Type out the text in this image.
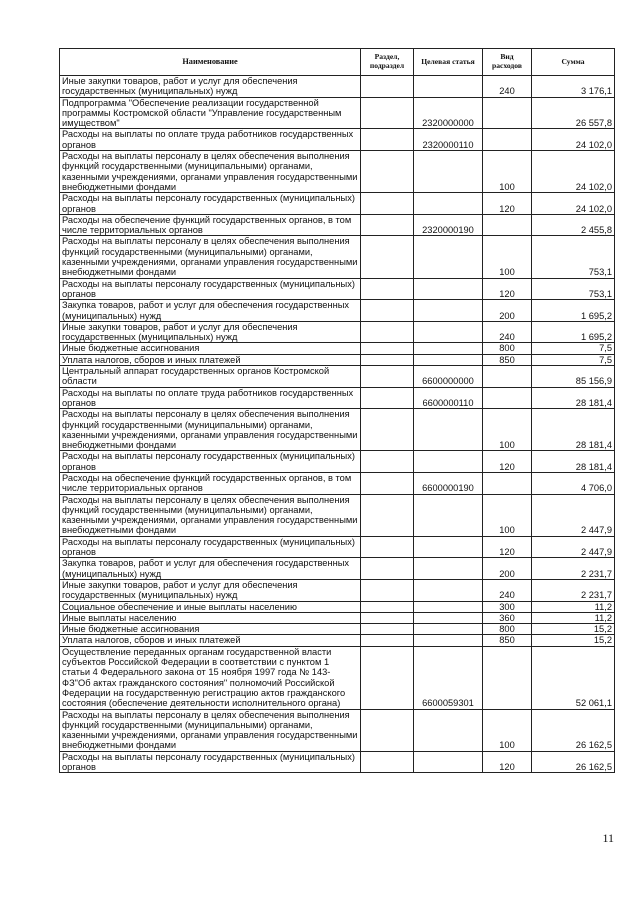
Наименование	Раздел, подраздел	Целевая статья	Вид расходов	Сумма
Иные закупки товаров, работ и услуг для обеспечения государственных (муниципальных) нужд			240	3 176,1
Подпрограмма "Обеспечение реализации государственной программы Костромской области "Управление государственным имуществом"		2320000000		26 557,8
Расходы на выплаты по оплате труда работников государственных органов		2320000110		24 102,0
Расходы на выплаты персоналу в целях обеспечения выполнения функций государственными (муниципальными) органами, казенными учреждениями, органами управления государственными внебюджетными фондами			100	24 102,0
Расходы на выплаты персоналу государственных (муниципальных) органов			120	24 102,0
Расходы на обеспечение функций государственных органов, в том числе территориальных органов		2320000190		2 455,8
Расходы на выплаты персоналу в целях обеспечения выполнения функций государственными (муниципальными) органами, казенными учреждениями, органами управления государственными внебюджетными фондами			100	753,1
Расходы на выплаты персоналу государственных (муниципальных) органов			120	753,1
Закупка товаров, работ и услуг для обеспечения государственных (муниципальных) нужд			200	1 695,2
Иные закупки товаров, работ и услуг для обеспечения государственных (муниципальных) нужд			240	1 695,2
Иные бюджетные ассигнования			800	7,5
Уплата налогов, сборов и иных платежей			850	7,5
Центральный аппарат государственных органов Костромской области		6600000000		85 156,9
Расходы на выплаты по оплате труда работников государственных органов		6600000110		28 181,4
Расходы на выплаты персоналу в целях обеспечения выполнения функций государственными (муниципальными) органами, казенными учреждениями, органами управления государственными внебюджетными фондами			100	28 181,4
Расходы на выплаты персоналу государственных (муниципальных) органов			120	28 181,4
Расходы на обеспечение функций государственных органов, в том числе территориальных органов		6600000190		4 706,0
Расходы на выплаты персоналу в целях обеспечения выполнения функций государственными (муниципальными) органами, казенными учреждениями, органами управления государственными внебюджетными фондами			100	2 447,9
Расходы на выплаты персоналу государственных (муниципальных) органов			120	2 447,9
Закупка товаров, работ и услуг для обеспечения государственных (муниципальных) нужд			200	2 231,7
Иные закупки товаров, работ и услуг для обеспечения государственных (муниципальных) нужд			240	2 231,7
Социальное обеспечение и иные выплаты населению			300	11,2
Иные выплаты населению			360	11,2
Иные бюджетные ассигнования			800	15,2
Уплата налогов, сборов и иных платежей			850	15,2
Осуществление переданных органам государственной власти субъектов Российской Федерации в соответствии с пунктом 1 статьи 4 Федерального закона от 15 ноября 1997 года № 143-ФЗ"Об актах гражданского состояния" полномочий Российской Федерации на государственную регистрацию актов гражданского состояния (обеспечение деятельности исполнительного органа)		6600059301		52 061,1
Расходы на выплаты персоналу в целях обеспечения выполнения функций государственными (муниципальными) органами, казенными учреждениями, органами управления государственными внебюджетными фондами			100	26 162,5
Расходы на выплаты персоналу государственных (муниципальных) органов			120	26 162,5
11
